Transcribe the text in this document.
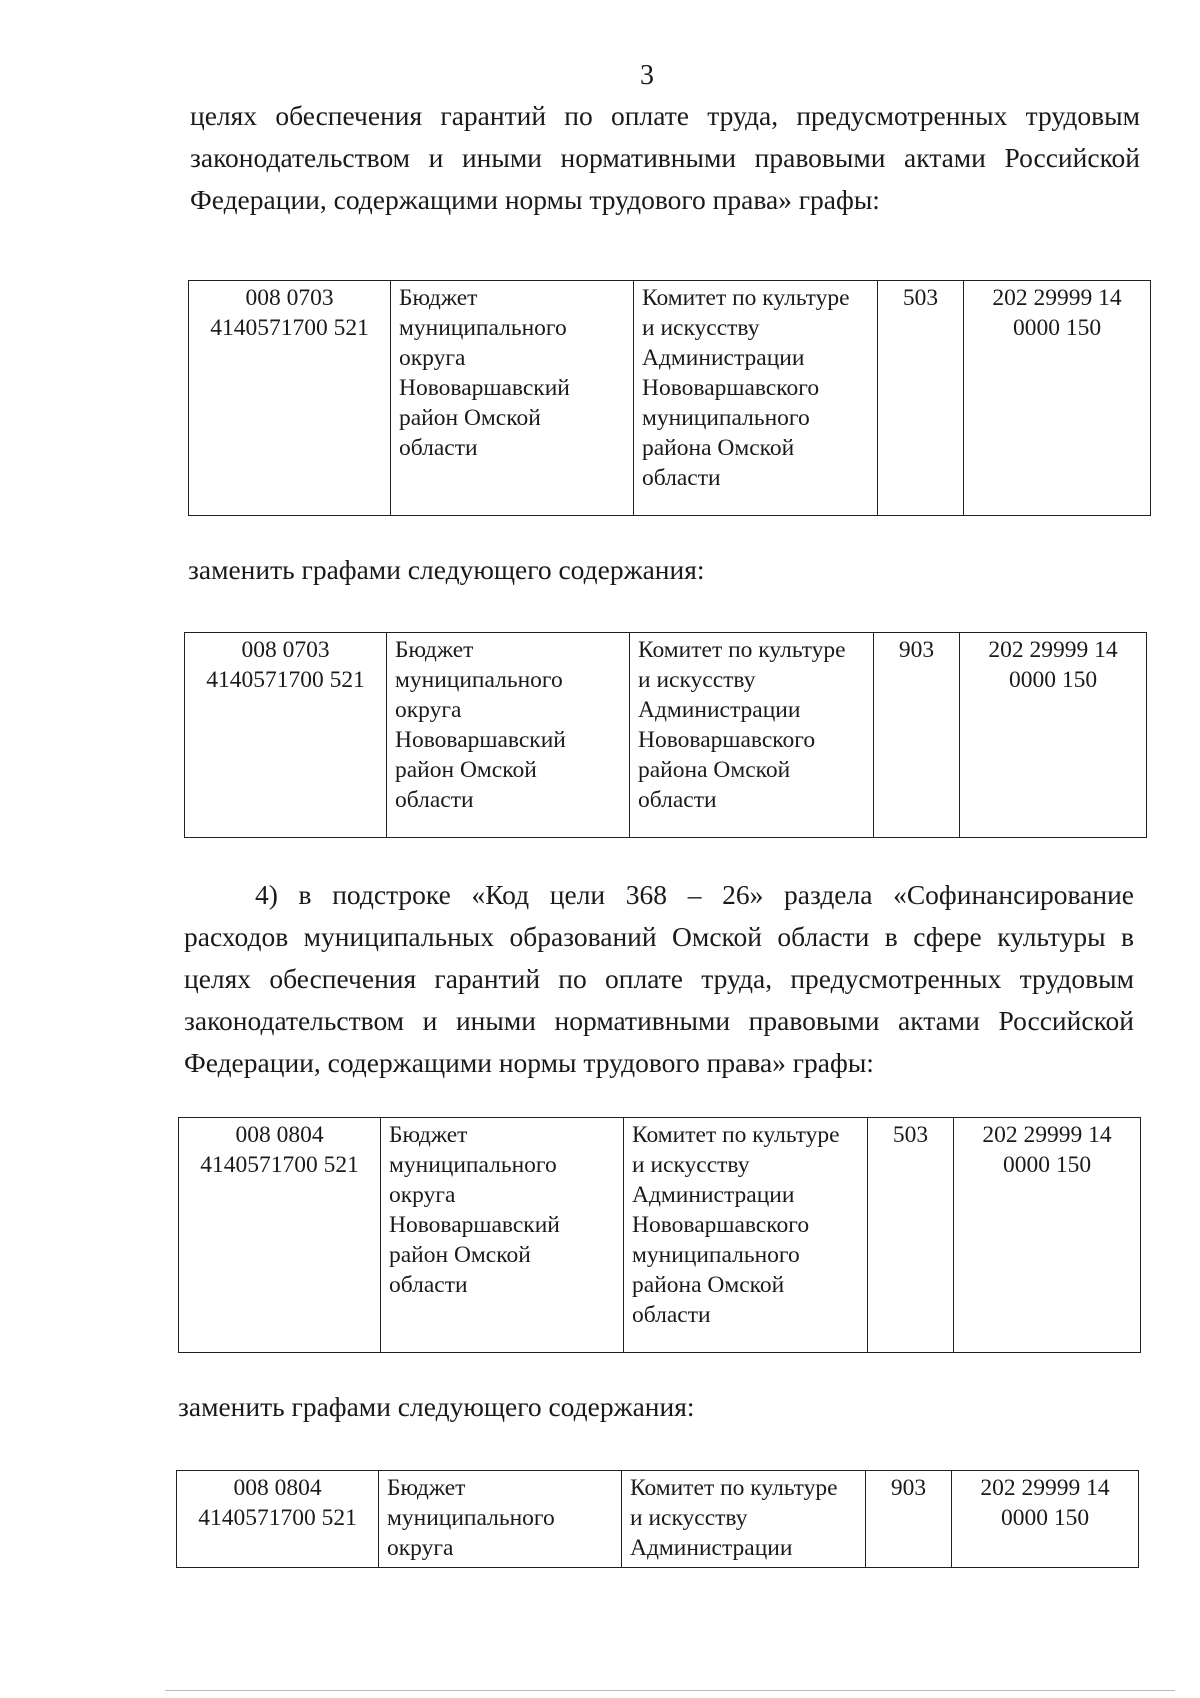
3
целях обеспечения гарантий по оплате труда, предусмотренных трудовым
законодательством и иными нормативными правовыми актами Российской
Федерации, содержащими нормы трудового права» графы:
008 0703
4140571700 521

Бюджет
муниципального
округа
Нововаршавский
район Омской
области

Комитет по культуре
и искусству
Администрации
Нововаршавского
муниципального
района Омской
области
	503	202 29999 14
0000 150
заменить графами следующего содержания:
008 0703
4140571700 521

Бюджет
муниципального
округа
Нововаршавский
район Омской
области

Комитет по культуре
и искусству
Администрации
Нововаршавского
района Омской
области
	903	202 29999 14
0000 150
4) в подстроке «Код цели 368 – 26» раздела «Софинансирование
расходов муниципальных образований Омской области в сфере культуры в
целях обеспечения гарантий по оплате труда, предусмотренных трудовым
законодательством и иными нормативными правовыми актами Российской
Федерации, содержащими нормы трудового права» графы:
008 0804
4140571700 521

Бюджет
муниципального
округа
Нововаршавский
район Омской
области

Комитет по культуре
и искусству
Администрации
Нововаршавского
муниципального
района Омской
области
	503	202 29999 14
0000 150
заменить графами следующего содержания:
008 0804
4140571700 521

Бюджет
муниципального
округа

Комитет по культуре
и искусству
Администрации
	903	202 29999 14
0000 150
